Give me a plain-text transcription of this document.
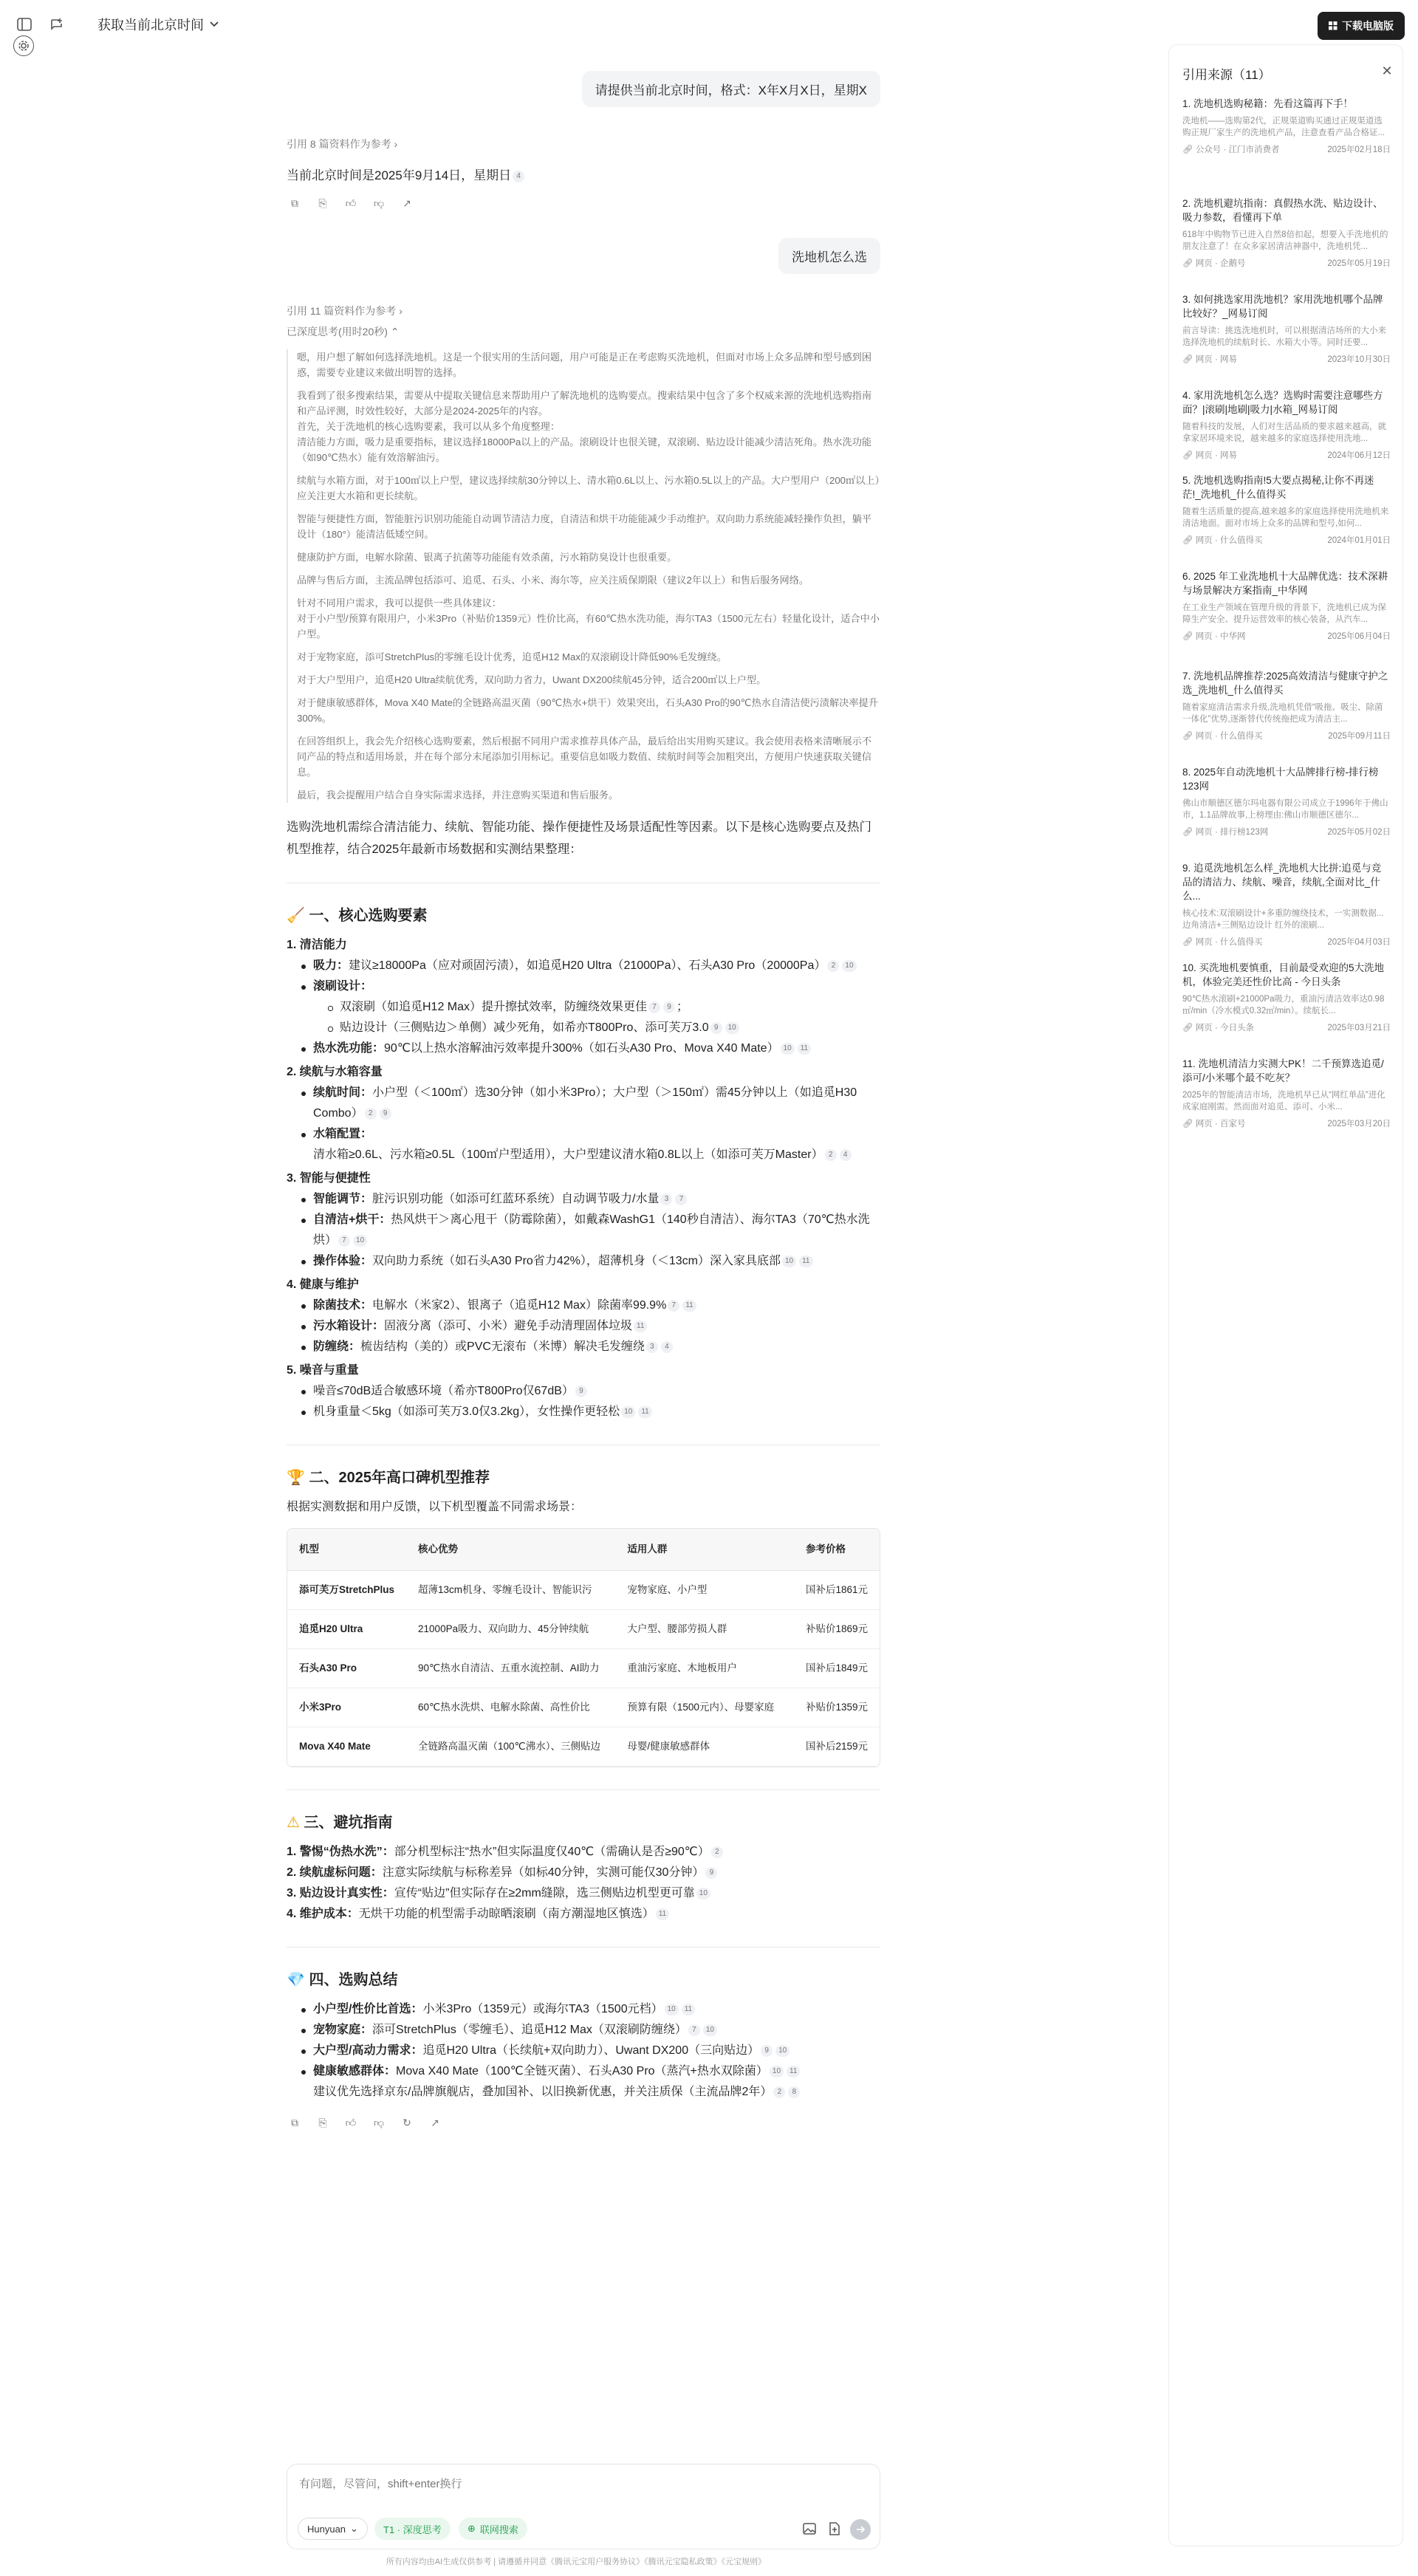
获取当前北京时间	下载电脑版
请提供当前北京时间，格式：X年X月X日，星期X
引用 8 篇资料作为参考 ›
当前北京时间是2025年9月14日，星期日 4
⧉	⎘	👍︎ 👎︎	↗
洗地机怎么选
引用 11 篇资料作为参考 ›
已深度思考(用时20秒) ⌃

嗯，用户想了解如何选择洗地机。这是一个很实用的生活问题，用户可能是正在考虑购买洗地机，但面对市场上众多品牌和型号感到困惑，需要专业建议来做出明智的选择。

我看到了很多搜索结果，需要从中提取关键信息来帮助用户了解洗地机的选购要点。搜索结果中包含了多个权威来源的洗地机选购指南和产品评测，时效性较好，大部分是2024-2025年的内容。

首先，关于洗地机的核心选购要素，我可以从多个角度整理：

清洁能力方面，吸力是重要指标，建议选择18000Pa以上的产品。滚刷设计也很关键，双滚刷、贴边设计能减少清洁死角。热水洗功能（如90℃热水）能有效溶解油污。

续航与水箱方面，对于100㎡以上户型，建议选择续航30分钟以上、清水箱0.6L以上、污水箱0.5L以上的产品。大户型用户（200㎡以上）应关注更大水箱和更长续航。

智能与便捷性方面，智能脏污识别功能能自动调节清洁力度，自清洁和烘干功能能减少手动维护。双向助力系统能减轻操作负担，躺平设计（180°）能清洁低矮空间。

健康防护方面，电解水除菌、银离子抗菌等功能能有效杀菌，污水箱防臭设计也很重要。

品牌与售后方面，主流品牌包括添可、追觅、石头、小米、海尔等，应关注质保期限（建议2年以上）和售后服务网络。

针对不同用户需求，我可以提供一些具体建议：

对于小户型/预算有限用户，小米3Pro（补贴价1359元）性价比高，有60℃热水洗功能，海尔TA3（1500元左右）轻量化设计，适合中小户型。

对于宠物家庭，添可StretchPlus的零缠毛设计优秀，追觅H12 Max的双滚刷设计降低90%毛发缠绕。

对于大户型用户，追觅H20 Ultra续航优秀，双向助力省力，Uwant DX200续航45分钟，适合200㎡以上户型。

对于健康敏感群体，Mova X40 Mate的全链路高温灭菌（90℃热水+烘干）效果突出，石头A30 Pro的90℃热水自清洁使污渍解决率提升300%。

在回答组织上，我会先介绍核心选购要素，然后根据不同用户需求推荐具体产品，最后给出实用购买建议。我会使用表格来清晰展示不同产品的特点和适用场景，并在每个部分末尾添加引用标记。重要信息如吸力数值、续航时间等会加粗突出，方便用户快速获取关键信息。

最后，我会提醒用户结合自身实际需求选择，并注意购买渠道和售后服务。

选购洗地机需综合清洁能力、续航、智能功能、操作便捷性及场景适配性等因素。以下是核心选购要点及热门机型推荐，结合2025年最新市场数据和实测结果整理：
🧹 一、核心选购要素
1. 清洁能力
吸力：建议≥18000Pa（应对顽固污渍），如追觅H20 Ultra（21000Pa）、石头A30 Pro（20000Pa） 2 10
滚刷设计：
双滚刷（如追觅H12 Max）提升擦拭效率，防缠绕效果更佳 7 9 ；
贴边设计（三侧贴边＞单侧）减少死角，如希亦T800Pro、添可芙万3.0 9 10
热水洗功能：90℃以上热水溶解油污效率提升300%（如石头A30 Pro、Mova X40 Mate） 10 11
2. 续航与水箱容量
续航时间：小户型（＜100㎡）选30分钟（如小米3Pro）；大户型（＞150㎡）需45分钟以上（如追觅H30 Combo） 2 9
水箱配置：清水箱≥0.6L、污水箱≥0.5L（100㎡户型适用），大户型建议清水箱0.8L以上（如添可芙万Master） 2 4
3. 智能与便捷性
智能调节：脏污识别功能（如添可红蓝环系统）自动调节吸力/水量 3 7
自清洁+烘干：热风烘干＞离心甩干（防霉除菌），如戴森WashG1（140秒自清洁）、海尔TA3（70℃热水洗烘） 7 10
操作体验：双向助力系统（如石头A30 Pro省力42%），超薄机身（＜13cm）深入家具底部 10 11
4. 健康与维护
除菌技术：电解水（米家2）、银离子（追觅H12 Max）除菌率99.9% 7 11
污水箱设计：固液分离（添可、小米）避免手动清理固体垃圾 11
防缠绕：梳齿结构（美的）或PVC无滚布（米博）解决毛发缠绕 3 4
5. 噪音与重量
噪音≤70dB适合敏感环境（希亦T800Pro仅67dB） 9
机身重量＜5kg（如添可芙万3.0仅3.2kg），女性操作更轻松 10 11
🏆 二、2025年高口碑机型推荐
根据实测数据和用户反馈，以下机型覆盖不同需求场景：
机型	核心优势	适用人群	参考价格
添可芙万StretchPlus	超薄13cm机身、零缠毛设计、智能识污	宠物家庭、小户型	国补后1861元
追觅H20 Ultra	21000Pa吸力、双向助力、45分钟续航	大户型、腰部劳损人群	补贴价1869元
石头A30 Pro	90℃热水自清洁、五重水流控制、AI助力	重油污家庭、木地板用户	国补后1849元
小米3Pro	60℃热水洗烘、电解水除菌、高性价比	预算有限（1500元内）、母婴家庭	补贴价1359元
Mova X40 Mate	全链路高温灭菌（100℃沸水）、三侧贴边	母婴/健康敏感群体	国补后2159元
⚠ 三、避坑指南
1. 警惕“伪热水洗”：部分机型标注“热水”但实际温度仅40℃（需确认是否≥90℃） 2
2. 续航虚标问题：注意实际续航与标称差异（如标40分钟，实测可能仅30分钟） 9
3. 贴边设计真实性：宣传“贴边”但实际存在≥2mm缝隙，选三侧贴边机型更可靠 10
4. 维护成本：无烘干功能的机型需手动晾晒滚刷（南方潮湿地区慎选） 11
💎 四、选购总结
小户型/性价比首选：小米3Pro（1359元）或海尔TA3（1500元档） 10 11
宠物家庭：添可StretchPlus（零缠毛）、追觅H12 Max（双滚刷防缠绕） 7 10
大户型/高动力需求：追觅H20 Ultra（长续航+双向助力）、Uwant DX200（三向贴边） 9 10
健康敏感群体：Mova X40 Mate（100℃全链灭菌）、石头A30 Pro（蒸汽+热水双除菌） 10 11
建议优先选择京东/品牌旗舰店，叠加国补、以旧换新优惠，并关注质保（主流品牌2年） 2 8
⧉	⎘	👍︎ 👎︎	↻	↗
有问题，尽管问，shift+enter换行
Hunyuan ⌄	T1 · 深度思考	⊕ 联网搜索
所有内容均由AI生成仅供参考 | 请遵循并同意《腾讯元宝用户服务协议》《腾讯元宝隐私政策》《元宝规则》
引用来源（11）	✕
1. 洗地机选购秘籍：先看这篇再下手！
洗地机——选购第2代，正规渠道购买通过正规渠道选购正规厂家生产的洗地机产品，注意查看产品合格证...
🔗︎ 公众号 · 江门市消费者	2025年02月18日
2. 洗地机避坑指南：真假热水洗、贴边设计、吸力参数，看懂再下单
618年中购物节已进入自然8倍扣起，想要入手洗地机的朋友注意了！在众多家居清洁神器中，洗地机凭...
🔗︎ 网页 · 企鹅号	2025年05月19日
3. 如何挑选家用洗地机？家用洗地机哪个品牌比较好？_网易订阅
前言导读：挑选洗地机时，可以根据清洁场所的大小来选择洗地机的续航时长、水箱大小等。同时还要...
🔗︎ 网页 · 网易	2023年10月30日
4. 家用洗地机怎么选？选购时需要注意哪些方面？|滚刷|地刷|吸力|水箱_网易订阅
随着科技的发展，人们对生活品质的要求越来越高，就拿家居环境来说，越来越多的家庭选择使用洗地...
🔗︎ 网页 · 网易	2024年06月12日
5. 洗地机选购指南!5大要点揭秘,让你不再迷茫!_洗地机_什么值得买
随着生活质量的提高,越来越多的家庭选择使用洗地机来清洁地面。面对市场上众多的品牌和型号,如何...
🔗︎ 网页 · 什么值得买	2024年01月01日
6. 2025 年工业洗地机十大品牌优选：技术深耕与场景解决方案指南_中华网
在工业生产领域在管理升级的背景下，洗地机已成为保障生产安全、提升运营效率的核心装备，从汽车...
🔗︎ 网页 · 中华网	2025年06月04日
7. 洗地机品牌推荐:2025高效清洁与健康守护之选_洗地机_什么值得买
随着家庭清洁需求升级,洗地机凭借“吸拖、吸尘、除菌一体化”优势,逐渐替代传统拖把成为清洁主...
🔗︎ 网页 · 什么值得买	2025年09月11日
8. 2025年自动洗地机十大品牌排行榜-排行榜123网
佛山市顺德区德尔玛电器有限公司成立于1996年于佛山市，1.1品牌故事,上榜理由:佛山市顺德区德尔...
🔗︎ 网页 · 排行榜123网	2025年05月02日
9. 追觅洗地机怎么样_洗地机大比拼:追觅与竞品的清洁力、续航、噪音，续航,全面对比_什么...
核心技术:双滚刷设计+多重防缠绕技术，一实测数据...边角清洁+三侧贴边设计 红外的滚刷...
🔗︎ 网页 · 什么值得买	2025年04月03日
10. 买洗地机要慎重，目前最受欢迎的5大洗地机，体验完美还性价比高 - 今日头条
90℃热水滚刷+21000Pa吸力，重油污清洁效率达0.98㎡/min（冷水模式0.32㎡/min）。续航长...
🔗︎ 网页 · 今日头条	2025年03月21日
11. 洗地机清洁力实测大PK！二千预算选追觅/添可/小米哪个最不吃灰？
2025年的智能清洁市场，洗地机早已从“网红单品”进化成家庭刚需。然而面对追觅、添可、小米...
🔗︎ 网页 · 百家号	2025年03月20日
